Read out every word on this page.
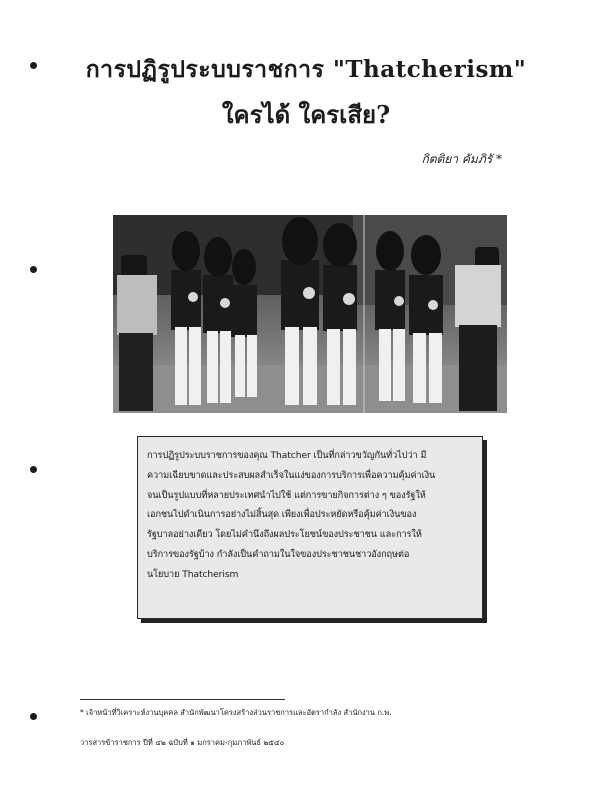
การปฏิรูประบบราชการ "Thatcherism"
ใครได้ ใครเสีย?
กิตติยา คัมภิรั *
การปฏิรูประบบราชการของคุณ Thatcher เป็นที่กล่าวขวัญกันทั่วไปว่า มี
ความเฉียบขาดและประสบผลสำเร็จในแง่ของการบริการเพื่อความคุ้มค่าเงิน
จนเป็นรูปแบบที่หลายประเทศนำไปใช้ แต่การขายกิจการต่าง ๆ ของรัฐให้
เอกชนไปดำเนินการอย่างไม่สิ้นสุด เพียงเพื่อประหยัดหรือคุ้มค่าเงินของ
รัฐบาลอย่างเดียว โดยไม่คำนึงถึงผลประโยชน์ของประชาชน และการให้
บริการของรัฐบ้าง กำลังเป็นคำถามในใจของประชาชนชาวอังกฤษต่อ
นโยบาย Thatcherism
* เจ้าหน้าที่วิเคราะห์งานบุคคล สำนักพัฒนาโครงสร้างส่วนราชการและอัตรากำลัง สำนักงาน ก.พ.
วารสารข้าราชการ ปีที่ ๔๒ ฉบับที่ ๑ มกราคม-กุมภาพันธ์ ๒๕๔๐
